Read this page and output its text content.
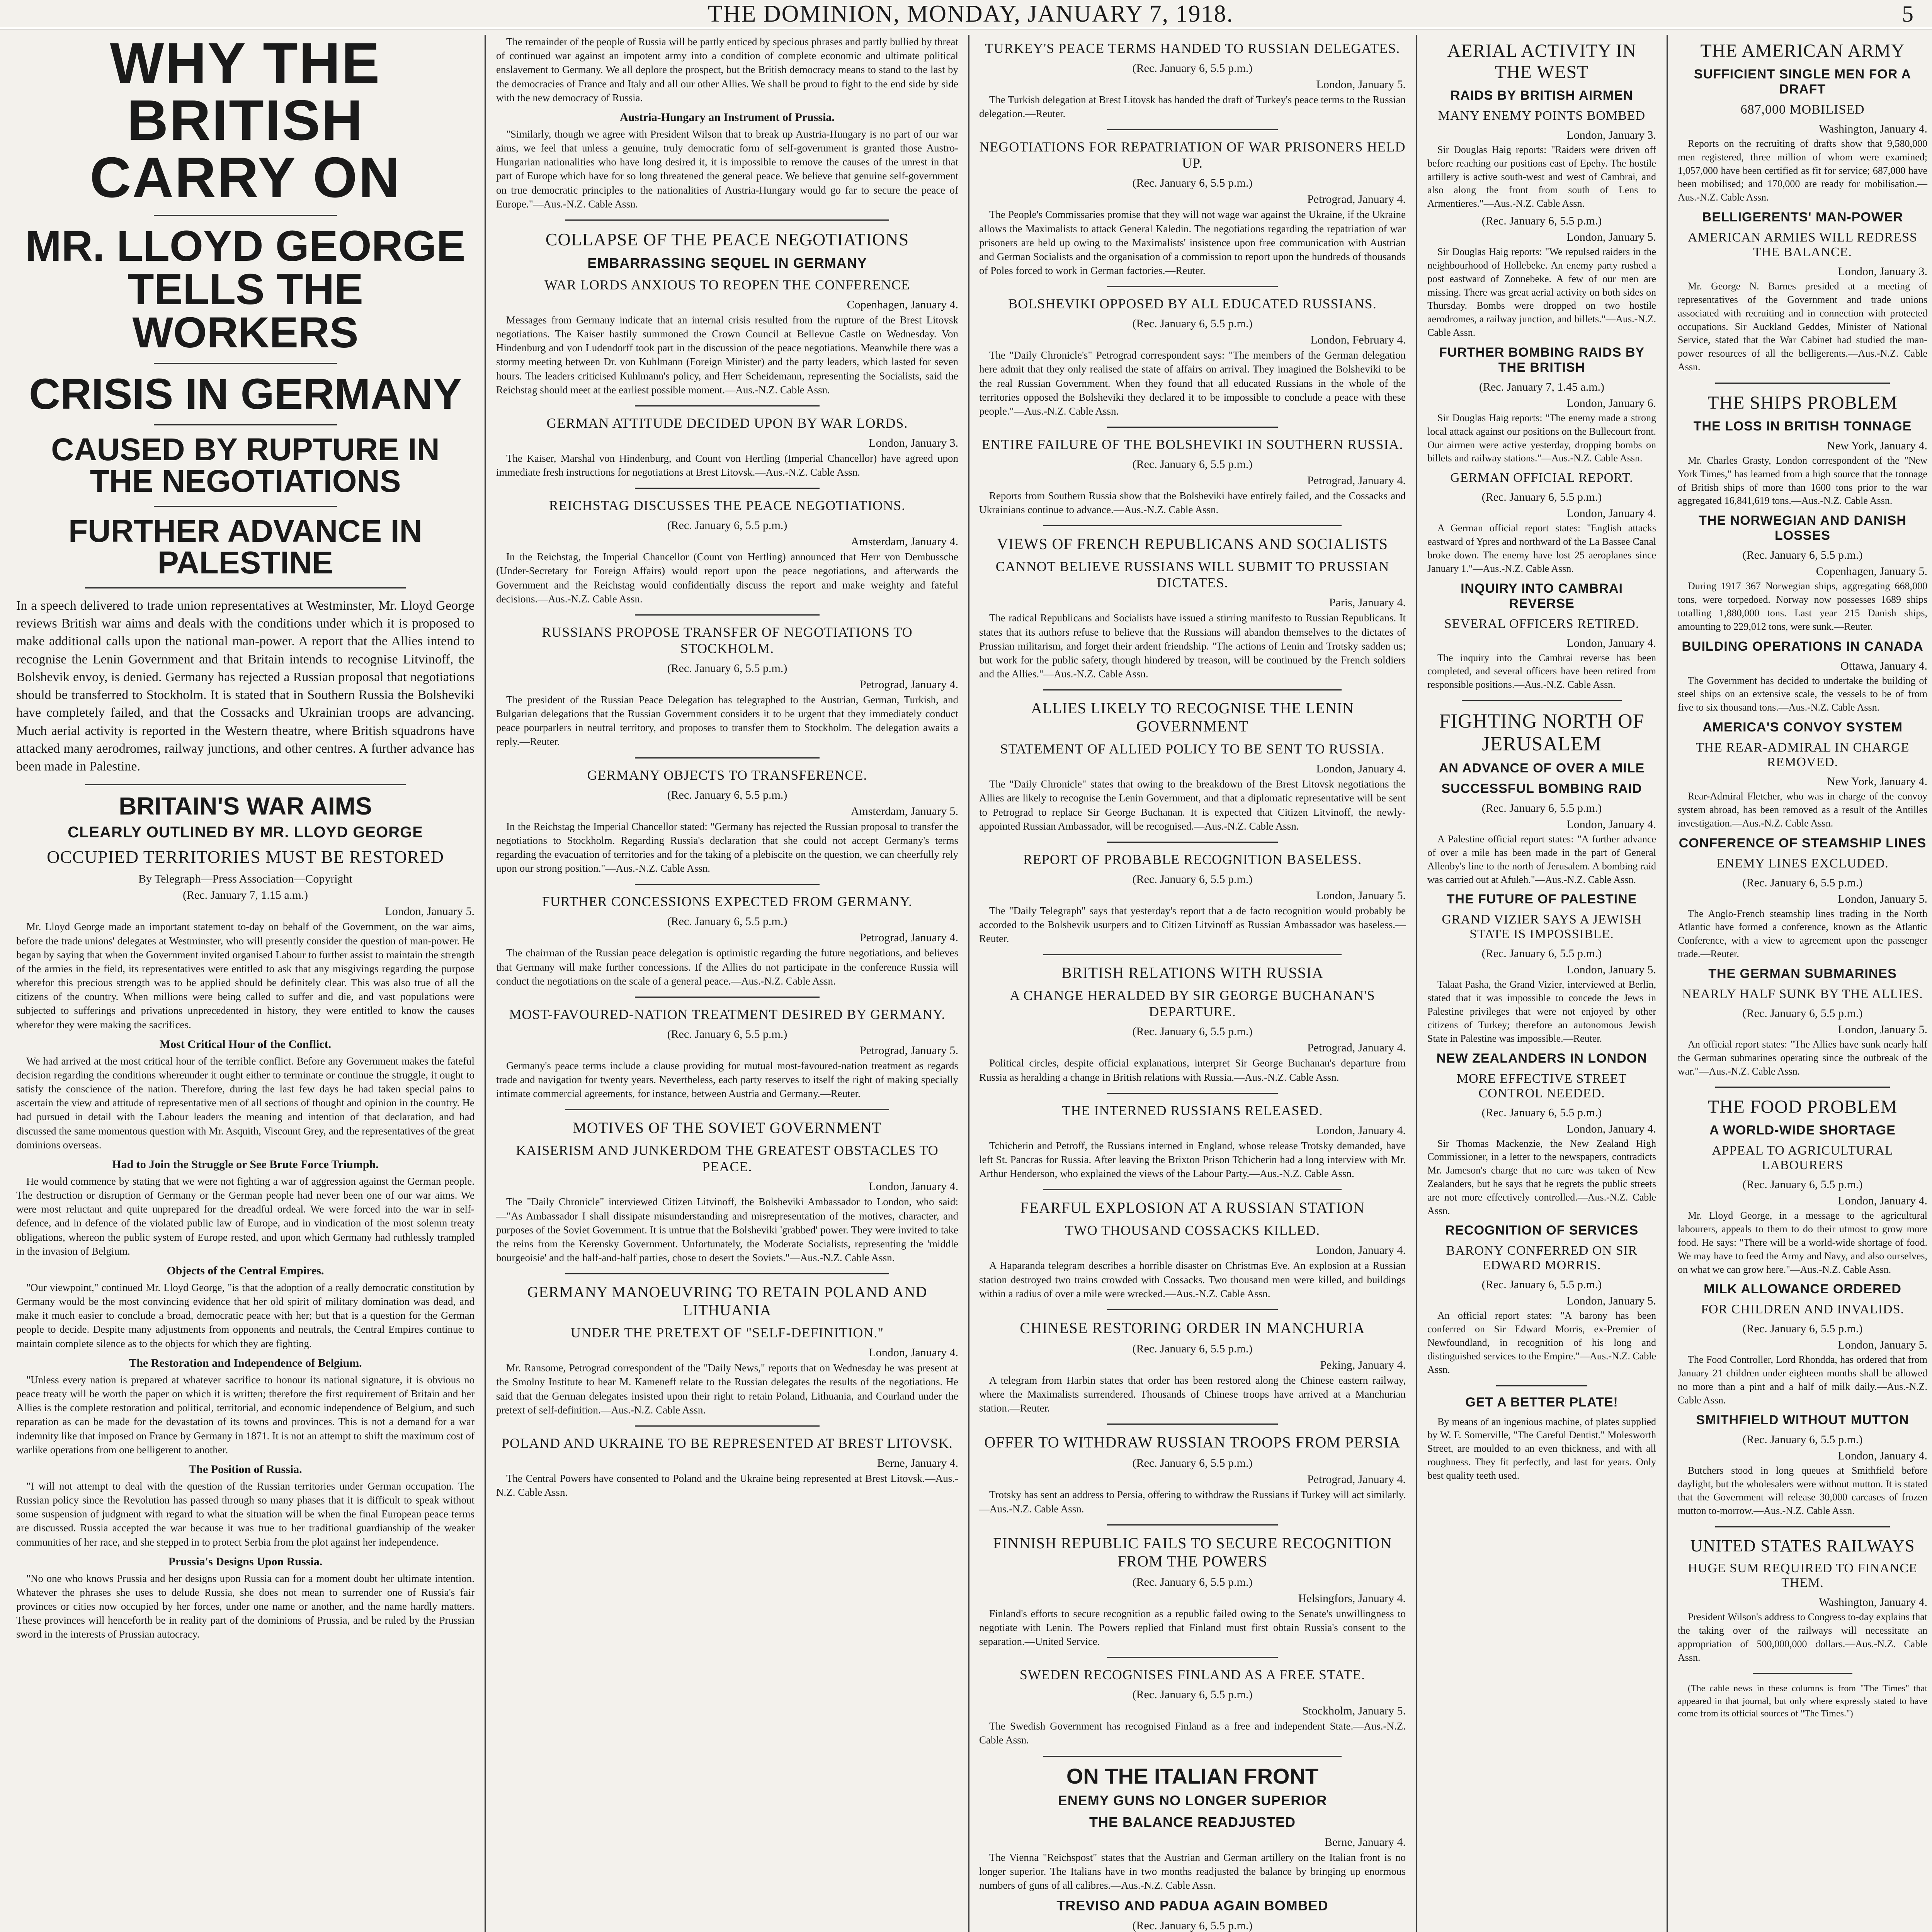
THE DOMINION, MONDAY, JANUARY 7, 1918.	5
WHY THE BRITISH CARRY ON
MR. LLOYD GEORGE TELLS THE WORKERS
CRISIS IN GERMANY
CAUSED BY RUPTURE IN THE NEGOTIATIONS
FURTHER ADVANCE IN PALESTINE
In a speech delivered to trade union representatives at Westminster, Mr. Lloyd George reviews British war aims and deals with the conditions under which it is proposed to make additional calls upon the national man-power. A report that the Allies intend to recognise the Lenin Government and that Britain intends to recognise Litvinoff, the Bolshevik envoy, is denied. Germany has rejected a Russian proposal that negotiations should be transferred to Stockholm. It is stated that in Southern Russia the Bolsheviki have completely failed, and that the Cossacks and Ukrainian troops are advancing. Much aerial activity is reported in the Western theatre, where British squadrons have attacked many aerodromes, railway junctions, and other centres. A further advance has been made in Palestine.
BRITAIN'S WAR AIMS
CLEARLY OUTLINED BY MR. LLOYD GEORGE
OCCUPIED TERRITORIES MUST BE RESTORED
By Telegraph—Press Association—Copyright
(Rec. January 7, 1.15 a.m.)
London, January 5.

Mr. Lloyd George made an important statement to-day on behalf of the Government, on the war aims, before the trade unions' delegates at Westminster, who will presently consider the question of man-power. He began by saying that when the Government invited organised Labour to further assist to maintain the strength of the armies in the field, its representatives were entitled to ask that any misgivings regarding the purpose wherefor this precious strength was to be applied should be definitely clear. This was also true of all the citizens of the country. When millions were being called to suffer and die, and vast populations were subjected to sufferings and privations unprecedented in history, they were entitled to know the causes wherefor they were making the sacrifices.

Most Critical Hour of the Conflict.

We had arrived at the most critical hour of the terrible conflict. Before any Government makes the fateful decision regarding the conditions whereunder it ought either to terminate or continue the struggle, it ought to satisfy the conscience of the nation. Therefore, during the last few days he had taken special pains to ascertain the view and attitude of representative men of all sections of thought and opinion in the country. He had pursued in detail with the Labour leaders the meaning and intention of that declaration, and had discussed the same momentous question with Mr. Asquith, Viscount Grey, and the representatives of the great dominions overseas.

Had to Join the Struggle or See Brute Force Triumph.

He would commence by stating that we were not fighting a war of aggression against the German people. The destruction or disruption of Germany or the German people had never been one of our war aims. We were most reluctant and quite unprepared for the dreadful ordeal. We were forced into the war in self-defence, and in defence of the violated public law of Europe, and in vindication of the most solemn treaty obligations, whereon the public system of Europe rested, and upon which Germany had ruthlessly trampled in the invasion of Belgium.

Objects of the Central Empires.

"Our viewpoint," continued Mr. Lloyd George, "is that the adoption of a really democratic constitution by Germany would be the most convincing evidence that her old spirit of military domination was dead, and make it much easier to conclude a broad, democratic peace with her; but that is a question for the German people to decide. Despite many adjustments from opponents and neutrals, the Central Empires continue to maintain complete silence as to the objects for which they are fighting.

The Restoration and Independence of Belgium.

"Unless every nation is prepared at whatever sacrifice to honour its national signature, it is obvious no peace treaty will be worth the paper on which it is written; therefore the first requirement of Britain and her Allies is the complete restoration and political, territorial, and economic independence of Belgium, and such reparation as can be made for the devastation of its towns and provinces. This is not a demand for a war indemnity like that imposed on France by Germany in 1871. It is not an attempt to shift the maximum cost of warlike operations from one belligerent to another.

The Position of Russia.

"I will not attempt to deal with the question of the Russian territories under German occupation. The Russian policy since the Revolution has passed through so many phases that it is difficult to speak without some suspension of judgment with regard to what the situation will be when the final European peace terms are discussed. Russia accepted the war because it was true to her traditional guardianship of the weaker communities of her race, and she stepped in to protect Serbia from the plot against her independence.

Prussia's Designs Upon Russia.

"No one who knows Prussia and her designs upon Russia can for a moment doubt her ultimate intention. Whatever the phrases she uses to delude Russia, she does not mean to surrender one of Russia's fair provinces or cities now occupied by her forces, under one name or another, and the name hardly matters. These provinces will henceforth be in reality part of the dominions of Prussia, and be ruled by the Prussian sword in the interests of Prussian autocracy.

The remainder of the people of Russia will be partly enticed by specious phrases and partly bullied by threat of continued war against an impotent army into a condition of complete economic and ultimate political enslavement to Germany. We all deplore the prospect, but the British democracy means to stand to the last by the democracies of France and Italy and all our other Allies. We shall be proud to fight to the end side by side with the new democracy of Russia.

Austria-Hungary an Instrument of Prussia.

"Similarly, though we agree with President Wilson that to break up Austria-Hungary is no part of our war aims, we feel that unless a genuine, truly democratic form of self-government is granted those Austro-Hungarian nationalities who have long desired it, it is impossible to remove the causes of the unrest in that part of Europe which have for so long threatened the general peace. We believe that genuine self-government on true democratic principles to the nationalities of Austria-Hungary would go far to secure the peace of Europe."—Aus.-N.Z. Cable Assn.

COLLAPSE OF THE PEACE NEGOTIATIONS
EMBARRASSING SEQUEL IN GERMANY
WAR LORDS ANXIOUS TO REOPEN THE CONFERENCE
Copenhagen, January 4.

Messages from Germany indicate that an internal crisis resulted from the rupture of the Brest Litovsk negotiations. The Kaiser hastily summoned the Crown Council at Bellevue Castle on Wednesday. Von Hindenburg and von Ludendorff took part in the discussion of the peace negotiations. Meanwhile there was a stormy meeting between Dr. von Kuhlmann (Foreign Minister) and the party leaders, which lasted for seven hours. The leaders criticised Kuhlmann's policy, and Herr Scheidemann, representing the Socialists, said the Reichstag should meet at the earliest possible moment.—Aus.-N.Z. Cable Assn.

GERMAN ATTITUDE DECIDED UPON BY WAR LORDS.
London, January 3.

The Kaiser, Marshal von Hindenburg, and Count von Hertling (Imperial Chancellor) have agreed upon immediate fresh instructions for negotiations at Brest Litovsk.—Aus.-N.Z. Cable Assn.

REICHSTAG DISCUSSES THE PEACE NEGOTIATIONS.
(Rec. January 6, 5.5 p.m.)
Amsterdam, January 4.

In the Reichstag, the Imperial Chancellor (Count von Hertling) announced that Herr von Dembussche (Under-Secretary for Foreign Affairs) would report upon the peace negotiations, and afterwards the Government and the Reichstag would confidentially discuss the report and make weighty and fateful decisions.—Aus.-N.Z. Cable Assn.

RUSSIANS PROPOSE TRANSFER OF NEGOTIATIONS TO STOCKHOLM.
(Rec. January 6, 5.5 p.m.)
Petrograd, January 4.

The president of the Russian Peace Delegation has telegraphed to the Austrian, German, Turkish, and Bulgarian delegations that the Russian Government considers it to be urgent that they immediately conduct peace pourparlers in neutral territory, and proposes to transfer them to Stockholm. The delegation awaits a reply.—Reuter.

GERMANY OBJECTS TO TRANSFERENCE.
(Rec. January 6, 5.5 p.m.)
Amsterdam, January 5.

In the Reichstag the Imperial Chancellor stated: "Germany has rejected the Russian proposal to transfer the negotiations to Stockholm. Regarding Russia's declaration that she could not accept Germany's terms regarding the evacuation of territories and for the taking of a plebiscite on the question, we can cheerfully rely upon our strong position."—Aus.-N.Z. Cable Assn.

FURTHER CONCESSIONS EXPECTED FROM GERMANY.
(Rec. January 6, 5.5 p.m.)
Petrograd, January 4.

The chairman of the Russian peace delegation is optimistic regarding the future negotiations, and believes that Germany will make further concessions. If the Allies do not participate in the conference Russia will conduct the negotiations on the scale of a general peace.—Aus.-N.Z. Cable Assn.

MOST-FAVOURED-NATION TREATMENT DESIRED BY GERMANY.
(Rec. January 6, 5.5 p.m.)
Petrograd, January 5.

Germany's peace terms include a clause providing for mutual most-favoured-nation treatment as regards trade and navigation for twenty years. Nevertheless, each party reserves to itself the right of making specially intimate commercial agreements, for instance, between Austria and Germany.—Reuter.

MOTIVES OF THE SOVIET GOVERNMENT
KAISERISM AND JUNKERDOM THE GREATEST OBSTACLES TO PEACE.
London, January 4.

The "Daily Chronicle" interviewed Citizen Litvinoff, the Bolsheviki Ambassador to London, who said:—"As Ambassador I shall dissipate misunderstanding and misrepresentation of the motives, character, and purposes of the Soviet Government. It is untrue that the Bolsheviki 'grabbed' power. They were invited to take the reins from the Kerensky Government. Unfortunately, the Moderate Socialists, representing the 'middle bourgeoisie' and the half-and-half parties, chose to desert the Soviets."—Aus.-N.Z. Cable Assn.

GERMANY MANOEUVRING TO RETAIN POLAND AND LITHUANIA
UNDER THE PRETEXT OF "SELF-DEFINITION."
London, January 4.

Mr. Ransome, Petrograd correspondent of the "Daily News," reports that on Wednesday he was present at the Smolny Institute to hear M. Kameneff relate to the Russian delegates the results of the negotiations. He said that the German delegates insisted upon their right to retain Poland, Lithuania, and Courland under the pretext of self-definition.—Aus.-N.Z. Cable Assn.

POLAND AND UKRAINE TO BE REPRESENTED AT BREST LITOVSK.
Berne, January 4.

The Central Powers have consented to Poland and the Ukraine being represented at Brest Litovsk.—Aus.-N.Z. Cable Assn.

TURKEY'S PEACE TERMS HANDED TO RUSSIAN DELEGATES.
(Rec. January 6, 5.5 p.m.)
London, January 5.

The Turkish delegation at Brest Litovsk has handed the draft of Turkey's peace terms to the Russian delegation.—Reuter.

NEGOTIATIONS FOR REPATRIATION OF WAR PRISONERS HELD UP.
(Rec. January 6, 5.5 p.m.)
Petrograd, January 4.

The People's Commissaries promise that they will not wage war against the Ukraine, if the Ukraine allows the Maximalists to attack General Kaledin. The negotiations regarding the repatriation of war prisoners are held up owing to the Maximalists' insistence upon free communication with Austrian and German Socialists and the organisation of a commission to report upon the hundreds of thousands of Poles forced to work in German factories.—Reuter.

BOLSHEVIKI OPPOSED BY ALL EDUCATED RUSSIANS.
(Rec. January 6, 5.5 p.m.)
London, February 4.

The "Daily Chronicle's" Petrograd correspondent says: "The members of the German delegation here admit that they only realised the state of affairs on arrival. They imagined the Bolsheviki to be the real Russian Government. When they found that all educated Russians in the whole of the territories opposed the Bolsheviki they declared it to be impossible to conclude a peace with these people."—Aus.-N.Z. Cable Assn.

ENTIRE FAILURE OF THE BOLSHEVIKI IN SOUTHERN RUSSIA.
(Rec. January 6, 5.5 p.m.)
Petrograd, January 4.

Reports from Southern Russia show that the Bolsheviki have entirely failed, and the Cossacks and Ukrainians continue to advance.—Aus.-N.Z. Cable Assn.

VIEWS OF FRENCH REPUBLICANS AND SOCIALISTS
CANNOT BELIEVE RUSSIANS WILL SUBMIT TO PRUSSIAN DICTATES.
Paris, January 4.

The radical Republicans and Socialists have issued a stirring manifesto to Russian Republicans. It states that its authors refuse to believe that the Russians will abandon themselves to the dictates of Prussian militarism, and forget their ardent friendship. "The actions of Lenin and Trotsky sadden us; but work for the public safety, though hindered by treason, will be continued by the French soldiers and the Allies."—Aus.-N.Z. Cable Assn.

ALLIES LIKELY TO RECOGNISE THE LENIN GOVERNMENT
STATEMENT OF ALLIED POLICY TO BE SENT TO RUSSIA.
London, January 4.

The "Daily Chronicle" states that owing to the breakdown of the Brest Litovsk negotiations the Allies are likely to recognise the Lenin Government, and that a diplomatic representative will be sent to Petrograd to replace Sir George Buchanan. It is expected that Citizen Litvinoff, the newly-appointed Russian Ambassador, will be recognised.—Aus.-N.Z. Cable Assn.

REPORT OF PROBABLE RECOGNITION BASELESS.
(Rec. January 6, 5.5 p.m.)
London, January 5.

The "Daily Telegraph" says that yesterday's report that a de facto recognition would probably be accorded to the Bolshevik usurpers and to Citizen Litvinoff as Russian Ambassador was baseless.—Reuter.

BRITISH RELATIONS WITH RUSSIA
A CHANGE HERALDED BY SIR GEORGE BUCHANAN'S DEPARTURE.
(Rec. January 6, 5.5 p.m.)
Petrograd, January 4.

Political circles, despite official explanations, interpret Sir George Buchanan's departure from Russia as heralding a change in British relations with Russia.—Aus.-N.Z. Cable Assn.

THE INTERNED RUSSIANS RELEASED.
London, January 4.

Tchicherin and Petroff, the Russians interned in England, whose release Trotsky demanded, have left St. Pancras for Russia. After leaving the Brixton Prison Tchicherin had a long interview with Mr. Arthur Henderson, who explained the views of the Labour Party.—Aus.-N.Z. Cable Assn.

FEARFUL EXPLOSION AT A RUSSIAN STATION
TWO THOUSAND COSSACKS KILLED.
London, January 4.

A Haparanda telegram describes a horrible disaster on Christmas Eve. An explosion at a Russian station destroyed two trains crowded with Cossacks. Two thousand men were killed, and buildings within a radius of over a mile were wrecked.—Aus.-N.Z. Cable Assn.

CHINESE RESTORING ORDER IN MANCHURIA
(Rec. January 6, 5.5 p.m.)
Peking, January 4.

A telegram from Harbin states that order has been restored along the Chinese eastern railway, where the Maximalists surrendered. Thousands of Chinese troops have arrived at a Manchurian station.—Reuter.

OFFER TO WITHDRAW RUSSIAN TROOPS FROM PERSIA
(Rec. January 6, 5.5 p.m.)
Petrograd, January 4.

Trotsky has sent an address to Persia, offering to withdraw the Russians if Turkey will act similarly.—Aus.-N.Z. Cable Assn.

FINNISH REPUBLIC FAILS TO SECURE RECOGNITION FROM THE POWERS
(Rec. January 6, 5.5 p.m.)
Helsingfors, January 4.

Finland's efforts to secure recognition as a republic failed owing to the Senate's unwillingness to negotiate with Lenin. The Powers replied that Finland must first obtain Russia's consent to the separation.—United Service.

SWEDEN RECOGNISES FINLAND AS A FREE STATE.
(Rec. January 6, 5.5 p.m.)
Stockholm, January 5.

The Swedish Government has recognised Finland as a free and independent State.—Aus.-N.Z. Cable Assn.

ON THE ITALIAN FRONT
ENEMY GUNS NO LONGER SUPERIOR
THE BALANCE READJUSTED
Berne, January 4.

The Vienna "Reichspost" states that the Austrian and German artillery on the Italian front is no longer superior. The Italians have in two months readjusted the balance by bringing up enormous numbers of guns of all calibres.—Aus.-N.Z. Cable Assn.

TREVISO AND PADUA AGAIN BOMBED
(Rec. January 6, 5.5 p.m.)

AERIAL ACTIVITY IN THE WEST
RAIDS BY BRITISH AIRMEN
MANY ENEMY POINTS BOMBED
London, January 3.

Sir Douglas Haig reports: "Raiders were driven off before reaching our positions east of Epehy. The hostile artillery is active south-west and west of Cambrai, and also along the front from south of Lens to Armentieres."—Aus.-N.Z. Cable Assn.

(Rec. January 6, 5.5 p.m.)
London, January 5.

Sir Douglas Haig reports: "We repulsed raiders in the neighbourhood of Hollebeke. An enemy party rushed a post eastward of Zonnebeke. A few of our men are missing. There was great aerial activity on both sides on Thursday. Bombs were dropped on two hostile aerodromes, a railway junction, and billets."—Aus.-N.Z. Cable Assn.

FURTHER BOMBING RAIDS BY THE BRITISH
(Rec. January 7, 1.45 a.m.)
London, January 6.

Sir Douglas Haig reports: "The enemy made a strong local attack against our positions on the Bullecourt front. Our airmen were active yesterday, dropping bombs on billets and railway stations."—Aus.-N.Z. Cable Assn.

GERMAN OFFICIAL REPORT.
(Rec. January 6, 5.5 p.m.)
London, January 4.

A German official report states: "English attacks eastward of Ypres and northward of the La Bassee Canal broke down. The enemy have lost 25 aeroplanes since January 1."—Aus.-N.Z. Cable Assn.

INQUIRY INTO CAMBRAI REVERSE
SEVERAL OFFICERS RETIRED.
London, January 4.

The inquiry into the Cambrai reverse has been completed, and several officers have been retired from responsible positions.—Aus.-N.Z. Cable Assn.

FIGHTING NORTH OF JERUSALEM
AN ADVANCE OF OVER A MILE
SUCCESSFUL BOMBING RAID
(Rec. January 6, 5.5 p.m.)
London, January 4.

A Palestine official report states: "A further advance of over a mile has been made in the part of General Allenby's line to the north of Jerusalem. A bombing raid was carried out at Afuleh."—Aus.-N.Z. Cable Assn.

THE FUTURE OF PALESTINE
GRAND VIZIER SAYS A JEWISH STATE IS IMPOSSIBLE.
(Rec. January 6, 5.5 p.m.)
London, January 5.

Talaat Pasha, the Grand Vizier, interviewed at Berlin, stated that it was impossible to concede the Jews in Palestine privileges that were not enjoyed by other citizens of Turkey; therefore an autonomous Jewish State in Palestine was impossible.—Reuter.

NEW ZEALANDERS IN LONDON
MORE EFFECTIVE STREET CONTROL NEEDED.
(Rec. January 6, 5.5 p.m.)
London, January 4.

Sir Thomas Mackenzie, the New Zealand High Commissioner, in a letter to the newspapers, contradicts Mr. Jameson's charge that no care was taken of New Zealanders, but he says that he regrets the public streets are not more effectively controlled.—Aus.-N.Z. Cable Assn.

RECOGNITION OF SERVICES
BARONY CONFERRED ON SIR EDWARD MORRIS.
(Rec. January 6, 5.5 p.m.)
London, January 5.

An official report states: "A barony has been conferred on Sir Edward Morris, ex-Premier of Newfoundland, in recognition of his long and distinguished services to the Empire."—Aus.-N.Z. Cable Assn.

GET A BETTER PLATE!

By means of an ingenious machine, of plates supplied by W. F. Somerville, "The Careful Dentist." Molesworth Street, are moulded to an even thickness, and with all roughness. They fit perfectly, and last for years. Only best quality teeth used.

THE AMERICAN ARMY
SUFFICIENT SINGLE MEN FOR A DRAFT
687,000 MOBILISED
Washington, January 4.

Reports on the recruiting of drafts show that 9,580,000 men registered, three million of whom were examined; 1,057,000 have been certified as fit for service; 687,000 have been mobilised; and 170,000 are ready for mobilisation.—Aus.-N.Z. Cable Assn.

BELLIGERENTS' MAN-POWER
AMERICAN ARMIES WILL REDRESS THE BALANCE.
London, January 3.

Mr. George N. Barnes presided at a meeting of representatives of the Government and trade unions associated with recruiting and in connection with protected occupations. Sir Auckland Geddes, Minister of National Service, stated that the War Cabinet had studied the man-power resources of all the belligerents.—Aus.-N.Z. Cable Assn.

THE SHIPS PROBLEM
THE LOSS IN BRITISH TONNAGE
New York, January 4.

Mr. Charles Grasty, London correspondent of the "New York Times," has learned from a high source that the tonnage of British ships of more than 1600 tons prior to the war aggregated 16,841,619 tons.—Aus.-N.Z. Cable Assn.

THE NORWEGIAN AND DANISH LOSSES
(Rec. January 6, 5.5 p.m.)
Copenhagen, January 5.

During 1917 367 Norwegian ships, aggregating 668,000 tons, were torpedoed. Norway now possesses 1689 ships totalling 1,880,000 tons. Last year 215 Danish ships, amounting to 229,012 tons, were sunk.—Reuter.

BUILDING OPERATIONS IN CANADA
Ottawa, January 4.

The Government has decided to undertake the building of steel ships on an extensive scale, the vessels to be of from five to six thousand tons.—Aus.-N.Z. Cable Assn.

AMERICA'S CONVOY SYSTEM
THE REAR-ADMIRAL IN CHARGE REMOVED.
New York, January 4.

Rear-Admiral Fletcher, who was in charge of the convoy system abroad, has been removed as a result of the Antilles investigation.—Aus.-N.Z. Cable Assn.

CONFERENCE OF STEAMSHIP LINES
ENEMY LINES EXCLUDED.
(Rec. January 6, 5.5 p.m.)
London, January 5.

The Anglo-French steamship lines trading in the North Atlantic have formed a conference, known as the Atlantic Conference, with a view to agreement upon the passenger trade.—Reuter.

THE GERMAN SUBMARINES
NEARLY HALF SUNK BY THE ALLIES.
(Rec. January 6, 5.5 p.m.)
London, January 5.

An official report states: "The Allies have sunk nearly half the German submarines operating since the outbreak of the war."—Aus.-N.Z. Cable Assn.

THE FOOD PROBLEM
A WORLD-WIDE SHORTAGE
APPEAL TO AGRICULTURAL LABOURERS
(Rec. January 6, 5.5 p.m.)
London, January 4.

Mr. Lloyd George, in a message to the agricultural labourers, appeals to them to do their utmost to grow more food. He says: "There will be a world-wide shortage of food. We may have to feed the Army and Navy, and also ourselves, on what we can grow here."—Aus.-N.Z. Cable Assn.

MILK ALLOWANCE ORDERED
FOR CHILDREN AND INVALIDS.
(Rec. January 6, 5.5 p.m.)
London, January 5.

The Food Controller, Lord Rhondda, has ordered that from January 21 children under eighteen months shall be allowed no more than a pint and a half of milk daily.—Aus.-N.Z. Cable Assn.

SMITHFIELD WITHOUT MUTTON
(Rec. January 6, 5.5 p.m.)
London, January 4.

Butchers stood in long queues at Smithfield before daylight, but the wholesalers were without mutton. It is stated that the Government will release 30,000 carcases of frozen mutton to-morrow.—Aus.-N.Z. Cable Assn.

UNITED STATES RAILWAYS
HUGE SUM REQUIRED TO FINANCE THEM.
Washington, January 4.

President Wilson's address to Congress to-day explains that the taking over of the railways will necessitate an appropriation of 500,000,000 dollars.—Aus.-N.Z. Cable Assn.

(The cable news in these columns is from "The Times" that appeared in that journal, but only where expressly stated to have come from its official sources of "The Times.")
